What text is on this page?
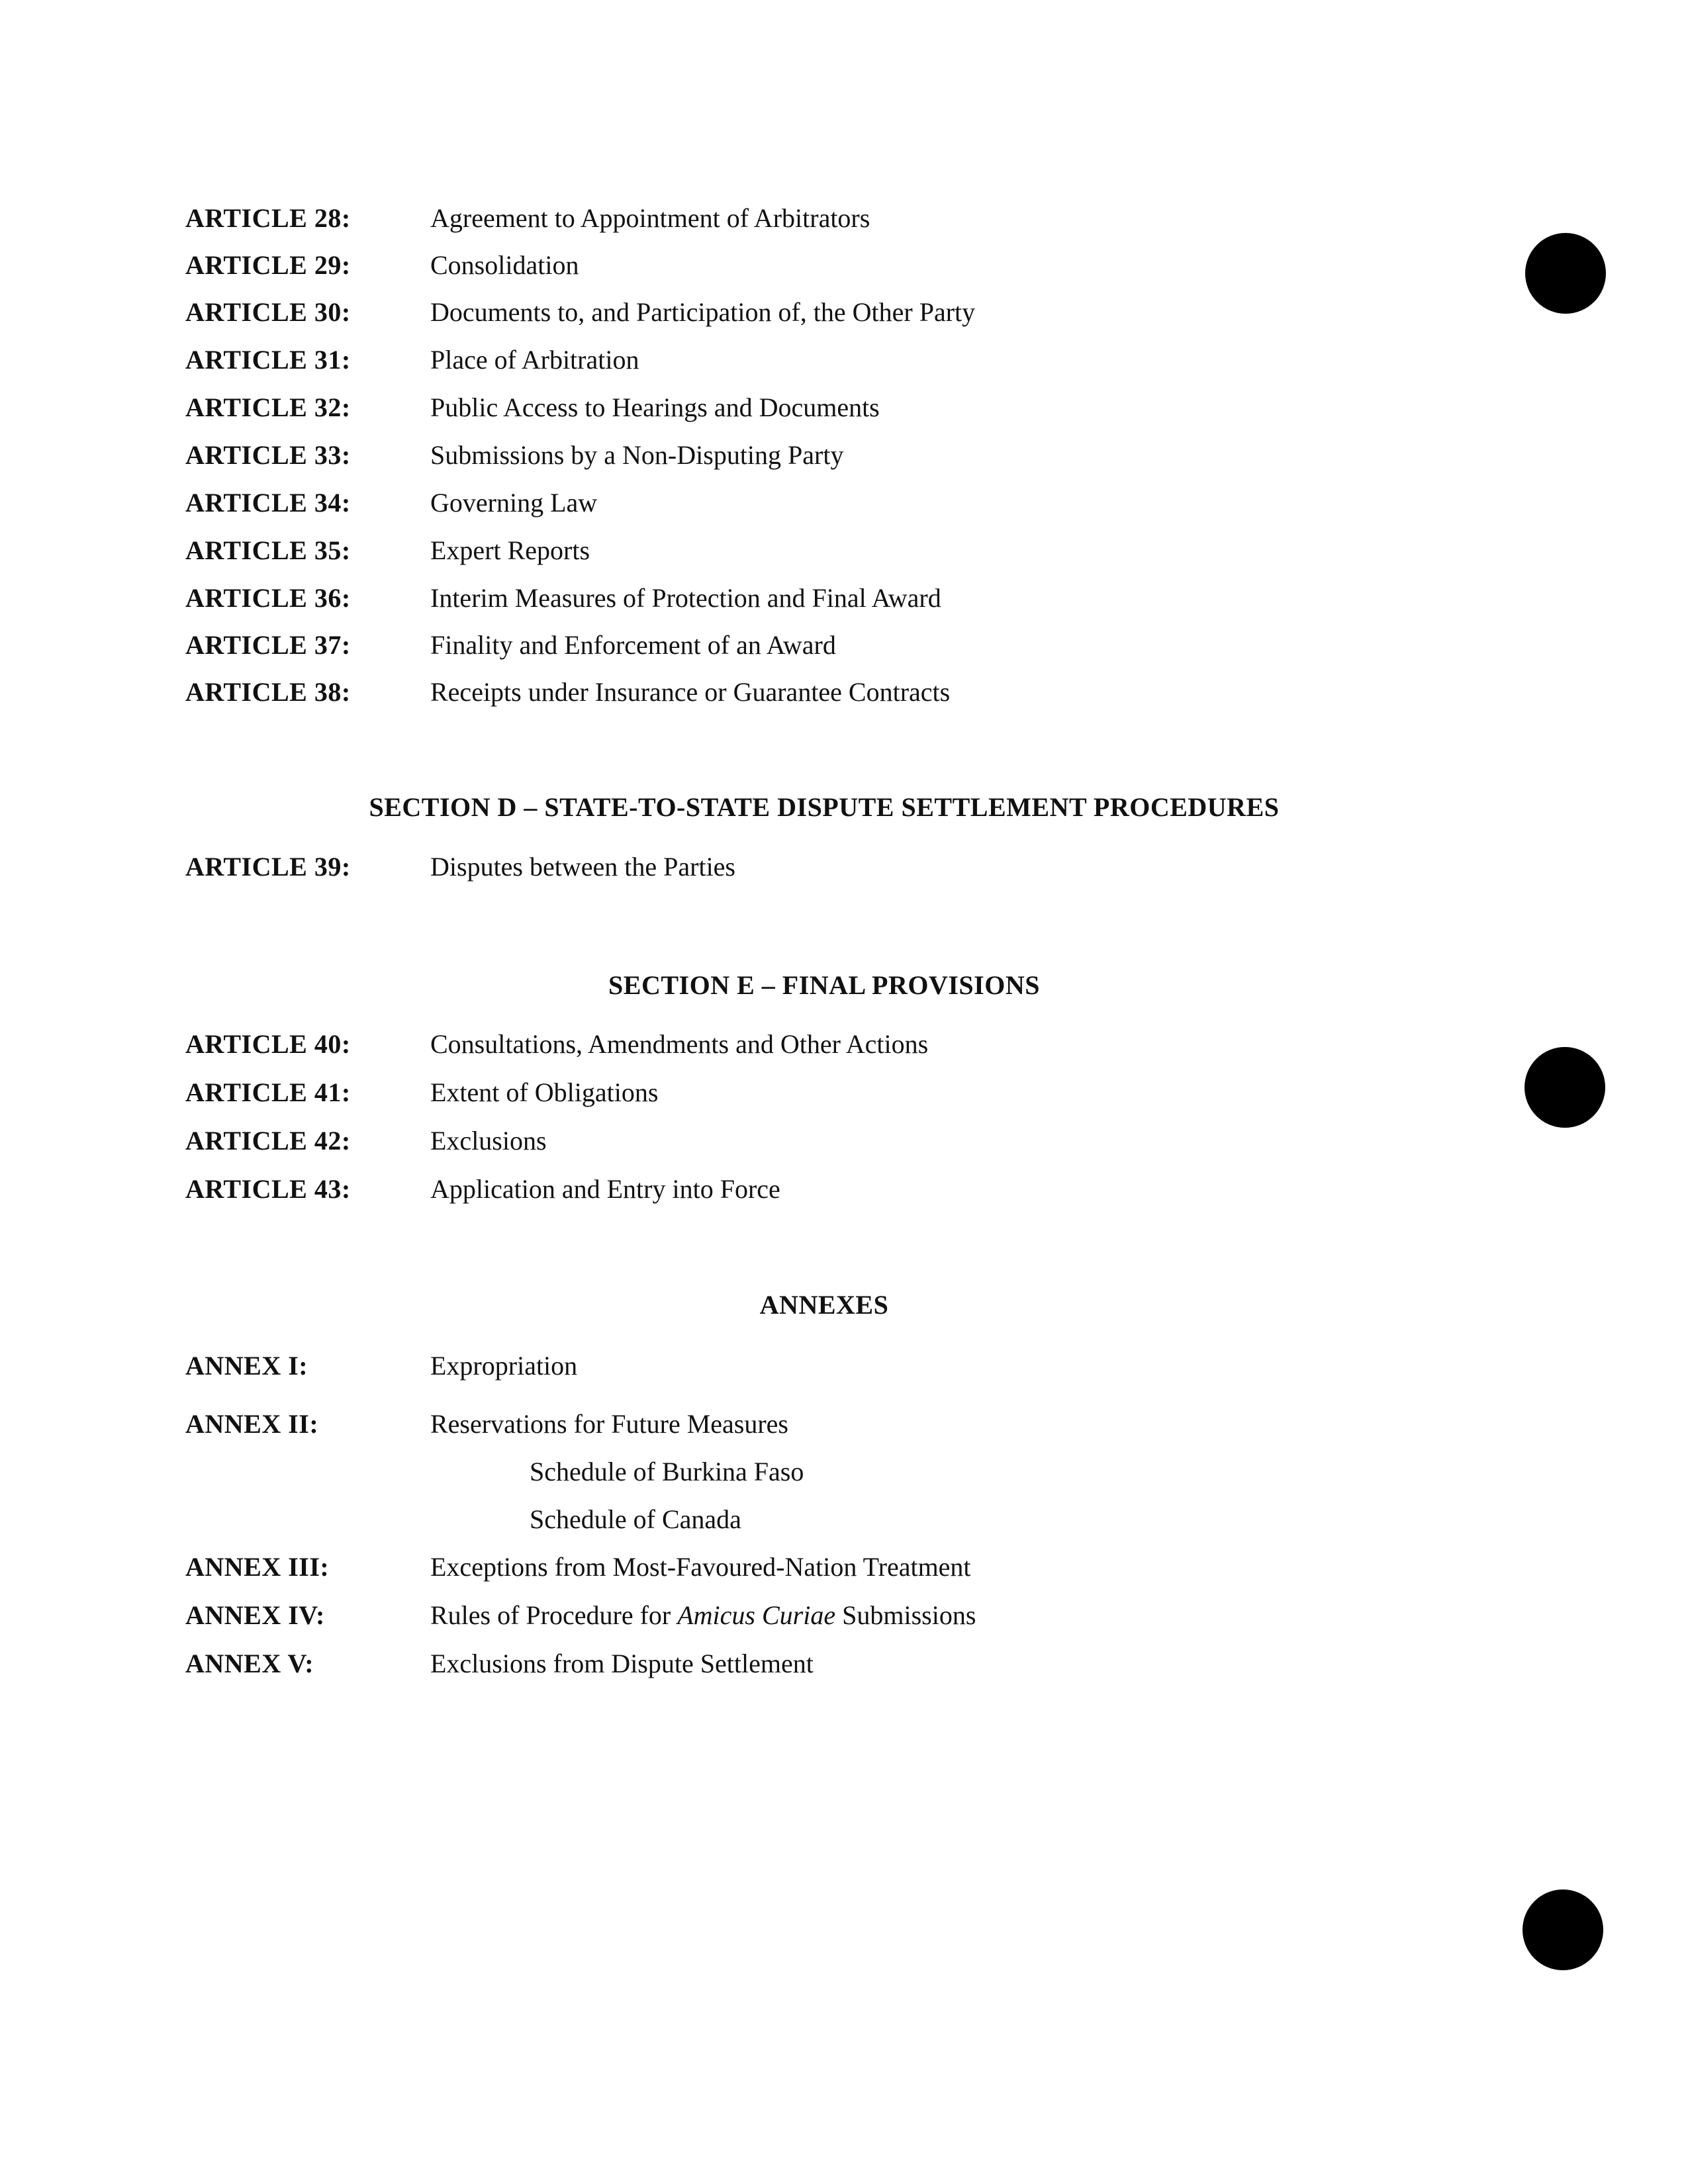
ARTICLE 28:	Agreement to Appointment of Arbitrators
ARTICLE 29:	Consolidation
ARTICLE 30:	Documents to, and Participation of, the Other Party
ARTICLE 31:	Place of Arbitration
ARTICLE 32:	Public Access to Hearings and Documents
ARTICLE 33:	Submissions by a Non-Disputing Party
ARTICLE 34:	Governing Law
ARTICLE 35:	Expert Reports
ARTICLE 36:	Interim Measures of Protection and Final Award
ARTICLE 37:	Finality and Enforcement of an Award
ARTICLE 38:	Receipts under Insurance or Guarantee Contracts
SECTION D – STATE-TO-STATE DISPUTE SETTLEMENT PROCEDURES
ARTICLE 39:	Disputes between the Parties
SECTION E – FINAL PROVISIONS
ARTICLE 40:	Consultations, Amendments and Other Actions
ARTICLE 41:	Extent of Obligations
ARTICLE 42:	Exclusions
ARTICLE 43:	Application and Entry into Force
ANNEXES
ANNEX I:	Expropriation
ANNEX II:	Reservations for Future Measures
Schedule of Burkina Faso
Schedule of Canada
ANNEX III:	Exceptions from Most-Favoured-Nation Treatment
ANNEX IV:	Rules of Procedure for Amicus Curiae Submissions
ANNEX V:	Exclusions from Dispute Settlement
